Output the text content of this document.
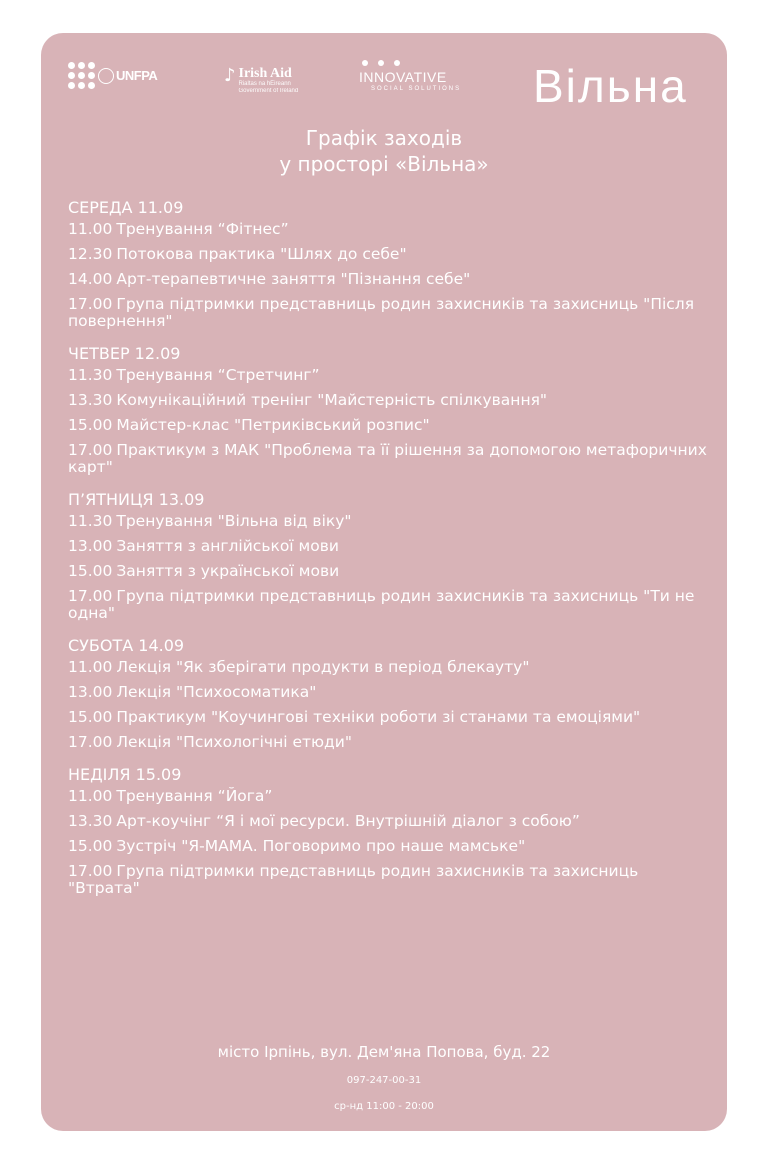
UNFPA	♪ Irish Aid
Rialtas na hÉireann
Government of Ireland
INNOVATIVE
SOCIAL SOLUTIONS Вільна
Графік заходів
у просторі «Вільна»
СЕРЕДА 11.09
11.00 Тренування “Фітнес”
12.30 Потокова практика "Шлях до себе"
14.00 Арт-терапевтичне заняття "Пізнання себе"
17.00 Група підтримки представниць родин захисників та захисниць "Після повернення"
ЧЕТВЕР 12.09
11.30 Тренування “Стретчинг”
13.30 Комунікаційний тренінг "Майстерність спілкування"
15.00 Майстер-клас "Петриківський розпис"
17.00 Практикум з МАК "Проблема та її рішення за допомогою метафоричних карт"
П’ЯТНИЦЯ 13.09
11.30 Тренування "Вільна від віку"
13.00 Заняття з англійської мови
15.00 Заняття з української мови
17.00 Група підтримки представниць родин захисників та захисниць "Ти не одна"
СУБОТА 14.09
11.00 Лекція "Як зберігати продукти в період блекауту"
13.00 Лекція "Психосоматика"
15.00 Практикум "Коучингові техніки роботи зі станами та емоціями"
17.00 Лекція "Психологічні етюди"
НЕДІЛЯ 15.09
11.00 Тренування “Йога”
13.30 Арт-коучінг “Я і мої ресурси. Внутрішній діалог з собою”
15.00 Зустріч "Я-МАМА. Поговоримо про наше мамське"
17.00 Група підтримки представниць родин захисників та захисниць "Втрата"
місто Ірпінь, вул. Дем'яна Попова, буд. 22
097-247-00-31
ср-нд 11:00 - 20:00
